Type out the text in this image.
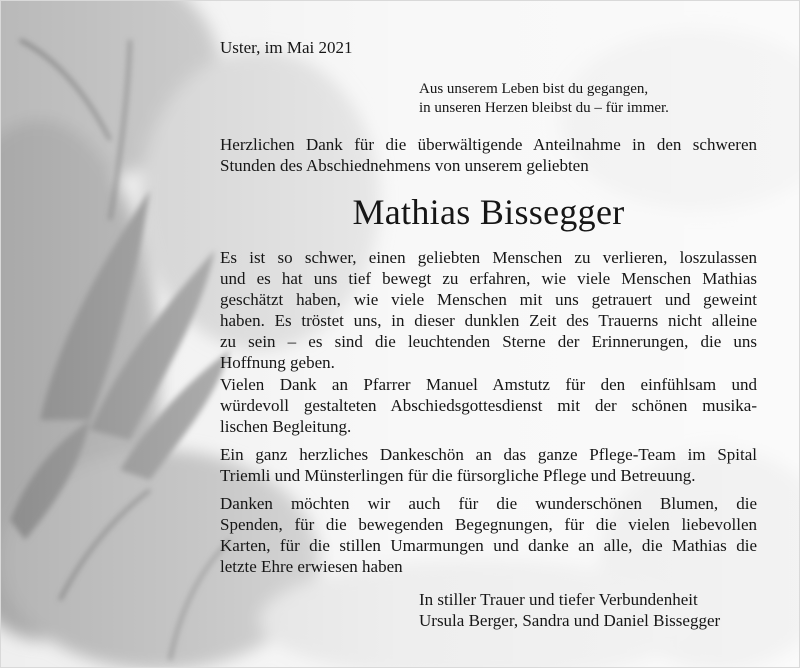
Uster, im Mai 2021

Aus unserem Leben bist du gegangen,
in unseren Herzen bleibst du – für immer.

Herzlichen Dank für die überwältigende Anteilnahme in den schweren
Stunden des Abschiednehmens von unserem geliebten

Mathias Bissegger

Es ist so schwer, einen geliebten Menschen zu verlieren, loszulassen
und es hat uns tief bewegt zu erfahren, wie viele Menschen Mathias
geschätzt haben, wie viele Menschen mit uns getrauert und geweint
haben. Es tröstet uns, in dieser dunklen Zeit des Trauerns nicht alleine
zu sein – es sind die leuchtenden Sterne der Erinnerungen, die uns
Hoffnung geben.

Vielen Dank an Pfarrer Manuel Amstutz für den einfühlsam und
würdevoll gestalteten Abschiedsgottesdienst mit der schönen musika-
lischen Begleitung.

Ein ganz herzliches Dankeschön an das ganze Pflege-Team im Spital
Triemli und Münsterlingen für die fürsorgliche Pflege und Betreuung.

Danken möchten wir auch für die wunderschönen Blumen, die
Spenden, für die bewegenden Begegnungen, für die vielen liebevollen
Karten, für die stillen Umarmungen und danke an alle, die Mathias die
letzte Ehre erwiesen haben

In stiller Trauer und tiefer Verbundenheit
Ursula Berger, Sandra und Daniel Bissegger
